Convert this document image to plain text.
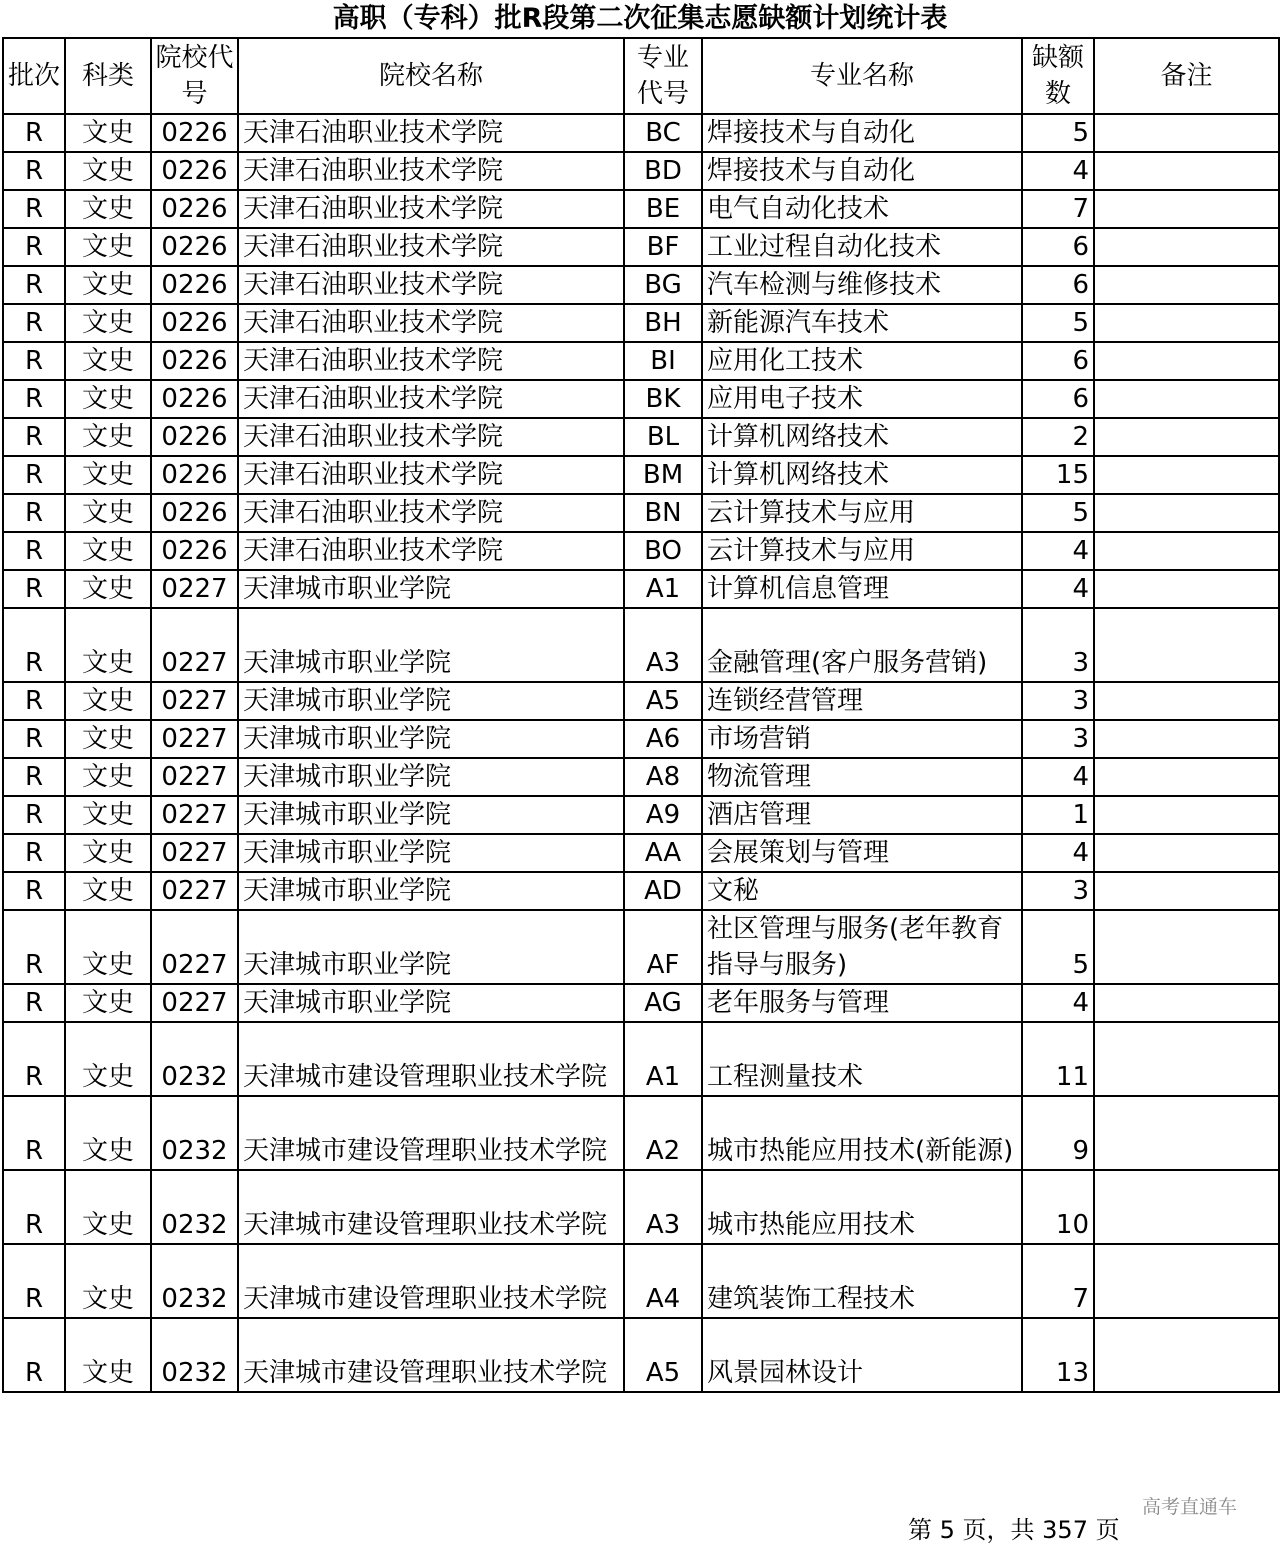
高职（专科）批R段第二次征集志愿缺额计划统计表
批次	科类	院校代号	院校名称	专业代号	专业名称	缺额数	备注
R	文史	0226	天津石油职业技术学院	BC	焊接技术与自动化	5	
R	文史	0226	天津石油职业技术学院	BD	焊接技术与自动化	4	
R	文史	0226	天津石油职业技术学院	BE	电气自动化技术	7	
R	文史	0226	天津石油职业技术学院	BF	工业过程自动化技术	6	
R	文史	0226	天津石油职业技术学院	BG	汽车检测与维修技术	6	
R	文史	0226	天津石油职业技术学院	BH	新能源汽车技术	5	
R	文史	0226	天津石油职业技术学院	BI	应用化工技术	6	
R	文史	0226	天津石油职业技术学院	BK	应用电子技术	6	
R	文史	0226	天津石油职业技术学院	BL	计算机网络技术	2	
R	文史	0226	天津石油职业技术学院	BM	计算机网络技术	15	
R	文史	0226	天津石油职业技术学院	BN	云计算技术与应用	5	
R	文史	0226	天津石油职业技术学院	BO	云计算技术与应用	4	
R	文史	0227	天津城市职业学院	A1	计算机信息管理	4	
R	文史	0227	天津城市职业学院	A3	金融管理(客户服务营销)	3	
R	文史	0227	天津城市职业学院	A5	连锁经营管理	3	
R	文史	0227	天津城市职业学院	A6	市场营销	3	
R	文史	0227	天津城市职业学院	A8	物流管理	4	
R	文史	0227	天津城市职业学院	A9	酒店管理	1	
R	文史	0227	天津城市职业学院	AA	会展策划与管理	4	
R	文史	0227	天津城市职业学院	AD	文秘	3	
R	文史	0227	天津城市职业学院	AF	社区管理与服务(老年教育指导与服务)	5	
R	文史	0227	天津城市职业学院	AG	老年服务与管理	4	
R	文史	0232	天津城市建设管理职业技术学院	A1	工程测量技术	11	
R	文史	0232	天津城市建设管理职业技术学院	A2	城市热能应用技术(新能源)	9	
R	文史	0232	天津城市建设管理职业技术学院	A3	城市热能应用技术	10	
R	文史	0232	天津城市建设管理职业技术学院	A4	建筑装饰工程技术	7	
R	文史	0232	天津城市建设管理职业技术学院	A5	风景园林设计	13	
高考直通车
第 5 页，共 357 页
